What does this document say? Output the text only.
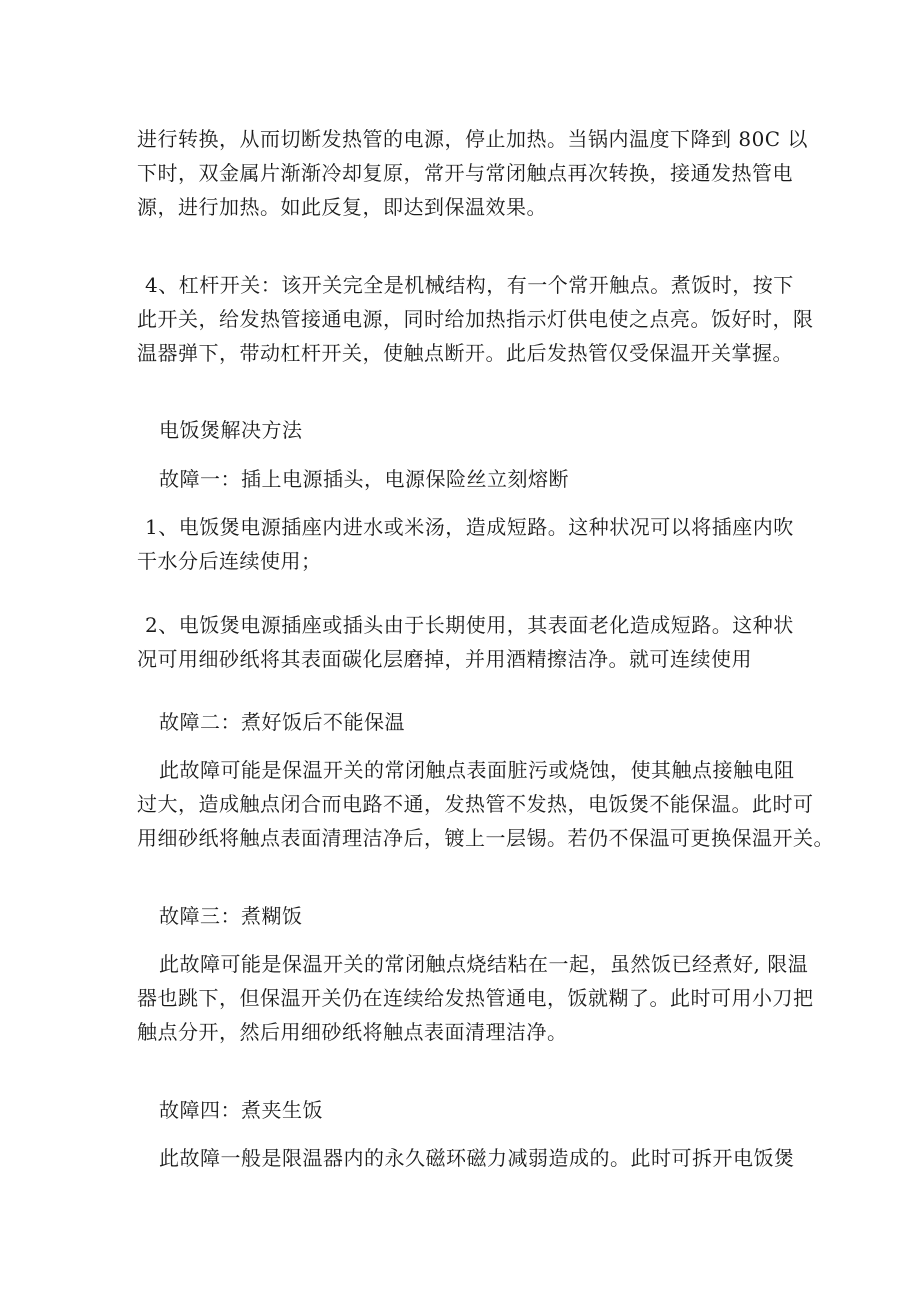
进行转换，从而切断发热管的电源，停止加热。当锅内温度下降到 80C 以
下时，双金属片渐渐冷却复原，常开与常闭触点再次转换，接通发热管电
源，进行加热。如此反复，即达到保温效果。
4、杠杆开关：该开关完全是机械结构，有一个常开触点。煮饭时，按下
此开关，给发热管接通电源，同时给加热指示灯供电使之点亮。饭好时，限
温器弹下，带动杠杆开关，使触点断开。此后发热管仅受保温开关掌握。
电饭煲解决方法
故障一：插上电源插头，电源保险丝立刻熔断
1、电饭煲电源插座内进水或米汤，造成短路。这种状况可以将插座内吹
干水分后连续使用；
2、电饭煲电源插座或插头由于长期使用，其表面老化造成短路。这种状
况可用细砂纸将其表面碳化层磨掉，并用酒精擦洁净。就可连续使用
故障二：煮好饭后不能保温
此故障可能是保温开关的常闭触点表面脏污或烧蚀，使其触点接触电阻
过大，造成触点闭合而电路不通，发热管不发热，电饭煲不能保温。此时可
用细砂纸将触点表面清理洁净后，镀上一层锡。若仍不保温可更换保温开关。
故障三：煮糊饭
此故障可能是保温开关的常闭触点烧结粘在一起，虽然饭已经煮好, 限温
器也跳下，但保温开关仍在连续给发热管通电，饭就糊了。此时可用小刀把
触点分开，然后用细砂纸将触点表面清理洁净。
故障四：煮夹生饭
此故障一般是限温器内的永久磁环磁力减弱造成的。此时可拆开电饭煲
